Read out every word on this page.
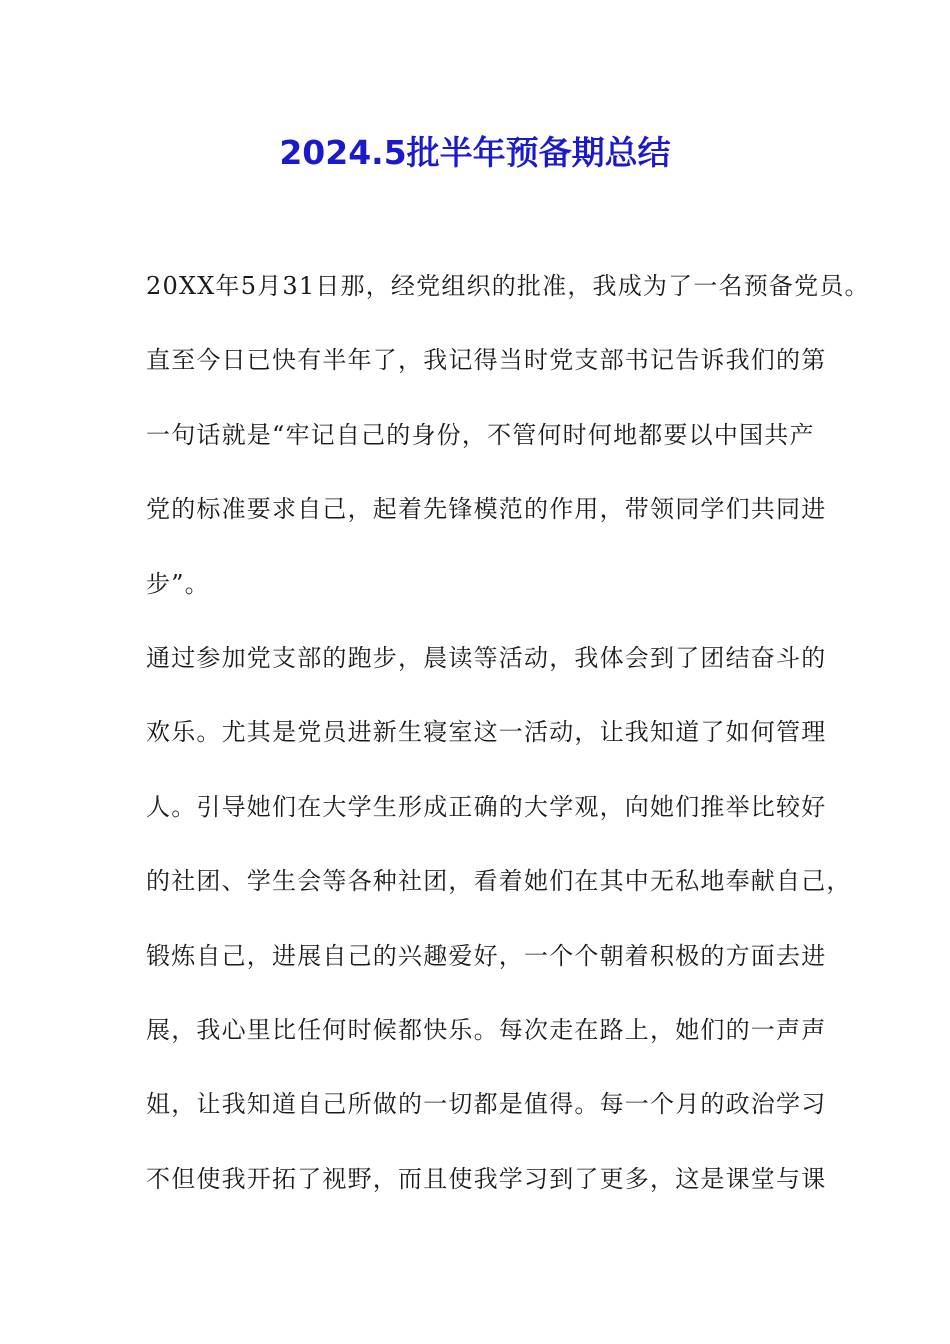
2024.5批半年预备期总结
20XX年5月31日那，经党组织的批准，我成为了一名预备党员。
直至今日已快有半年了，我记得当时党支部书记告诉我们的第
一句话就是“牢记自己的身份，不管何时何地都要以中国共产
党的标准要求自己，起着先锋模范的作用，带领同学们共同进
步”。
通过参加党支部的跑步，晨读等活动，我体会到了团结奋斗的
欢乐。尤其是党员进新生寝室这一活动，让我知道了如何管理
人。引导她们在大学生形成正确的大学观，向她们推举比较好
的社团、学生会等各种社团，看着她们在其中无私地奉献自己，
锻炼自己，进展自己的兴趣爱好，一个个朝着积极的方面去进
展，我心里比任何时候都快乐。每次走在路上，她们的一声声
姐，让我知道自己所做的一切都是值得。每一个月的政治学习
不但使我开拓了视野，而且使我学习到了更多，这是课堂与课
